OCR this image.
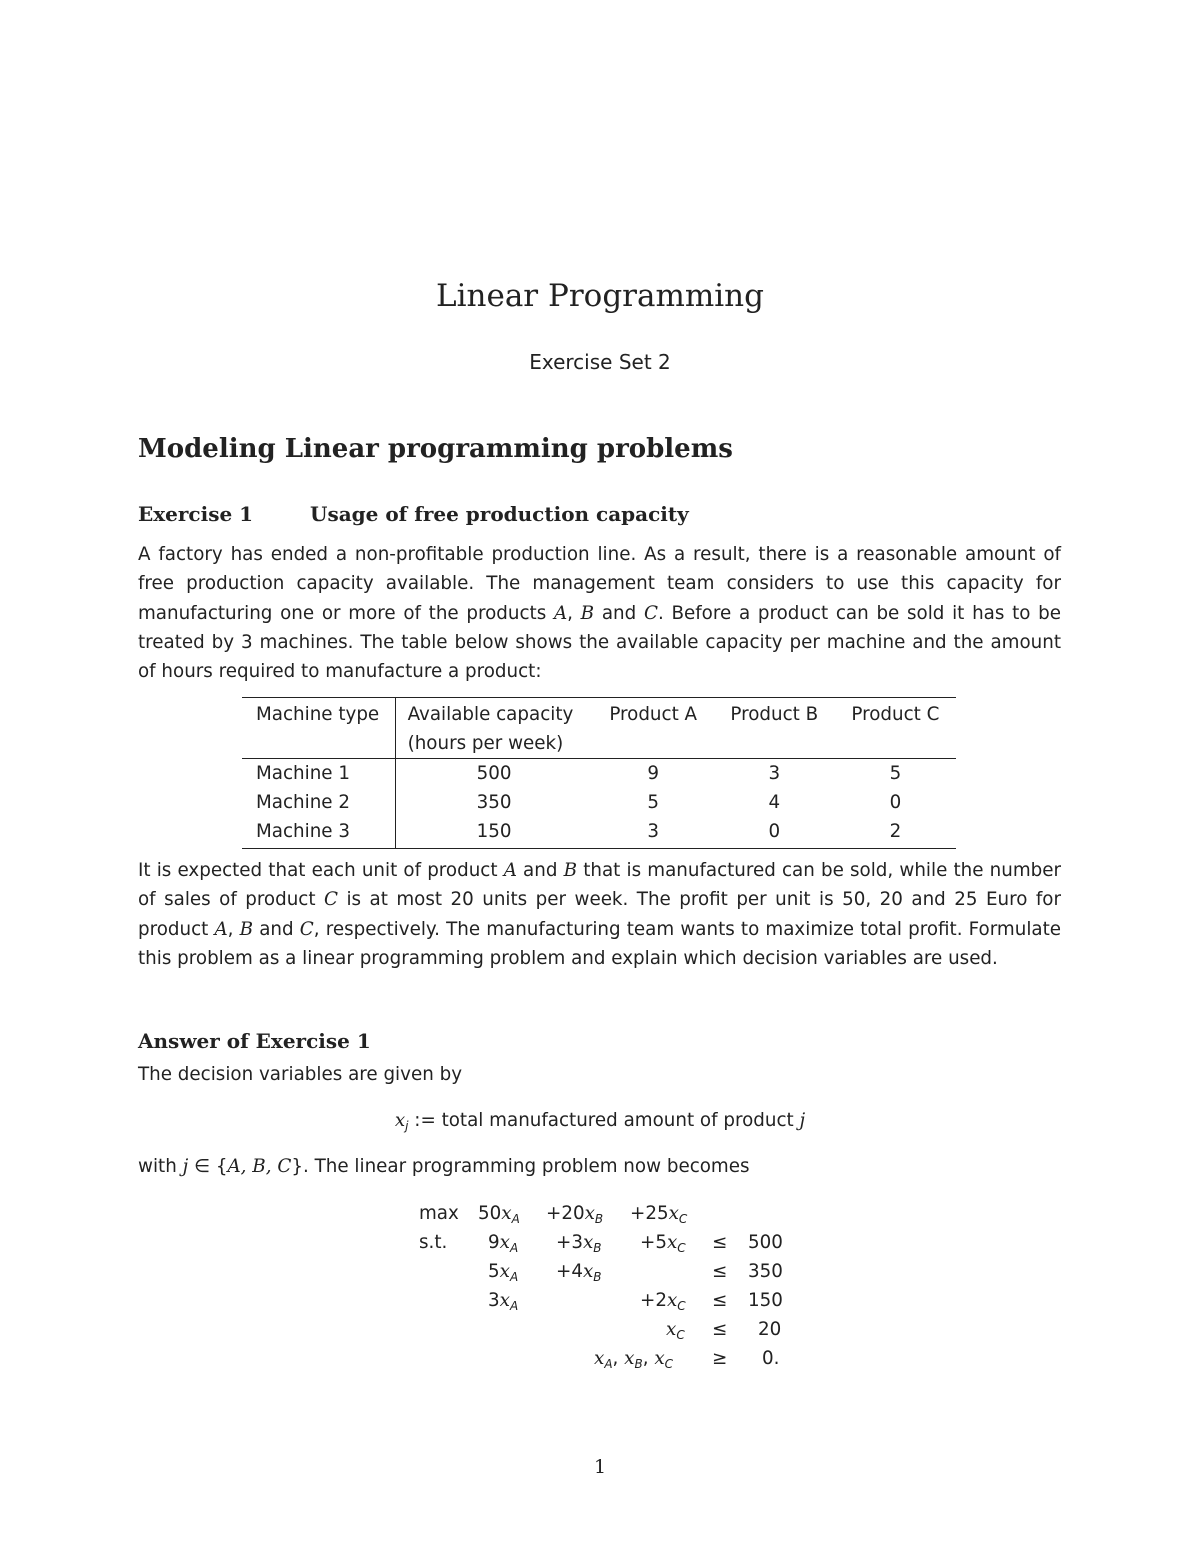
Linear Programming
Exercise Set 2
Modeling Linear programming problems
Exercise 1	Usage of free production capacity

A factory has ended a non-profitable production line. As a result, there is a reasonable amount of free production capacity available. The management team considers to use this capacity for manufacturing one or more of the products A, B and C. Before a product can be sold it has to be treated by 3 machines. The table below shows the available capacity per machine and the amount of hours required to manufacture a product:

Machine type	Available capacity	Product A	Product B	Product C
	(hours per week)			
Machine 1	500	9	3	5
Machine 2	350	5	4	0
Machine 3	150	3	0	2

It is expected that each unit of product A and B that is manufactured can be sold, while the number of sales of product C is at most 20 units per week. The profit per unit is 50, 20 and 25 Euro for product A, B and C, respectively. The manufacturing team wants to maximize total profit. Formulate this problem as a linear programming problem and explain which decision variables are used.

Answer of Exercise 1
The decision variables are given by
$x_j$ := total manufactured amount of product j
with j ∈ {A, B, C}. The linear programming problem now becomes
$\max 50x_A +20x_B +25x_C$
s.t. $9x_A +3x_B +5x_C \le 500$
$5x_A +4x_B$	≤ 350
$3x_A$	$+2x_C \le 150$
$x_C \le 20$
$x_A$, $x_B$, $x_C \ge 0$.
1
